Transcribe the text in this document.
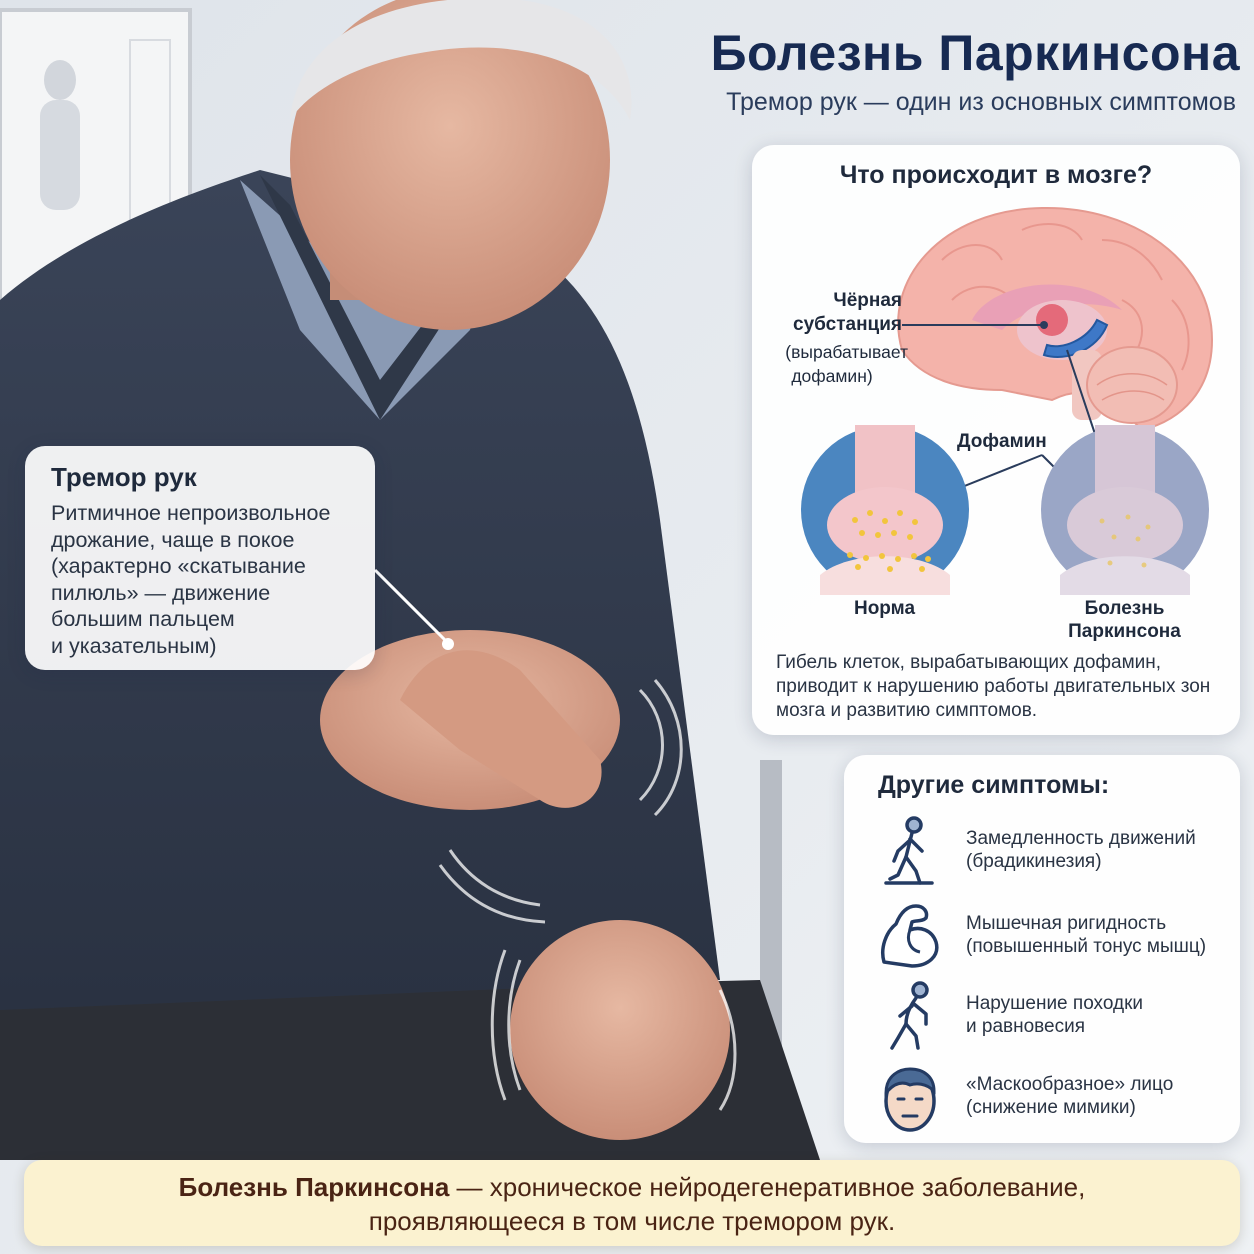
Болезнь Паркинсона
Тремор рук — один из основных симптомов
Что происходит в мозге?
Чёрная
субстанция
(вырабатывает
дофамин)
Дофамин
Норма	Болезнь
Паркинсона
Гибель клеток, вырабатывающих дофамин,
приводит к нарушению работы двигательных зон
мозга и развитию симптомов.
Тремор рук

Ритмичное непроизвольное
дрожание, чаще в покое
(характерно «скатывание
пилюль» — движение
большим пальцем
и указательным)

Другие симптомы:
Замедленность движений
(брадикинезия)
Мышечная ригидность
(повышенный тонус мышц)
Нарушение походки
и равновесия
«Маскообразное» лицо
(снижение мимики)
Болезнь Паркинсона — хроническое нейродегенеративное заболевание,
проявляющееся в том числе тремором рук.
